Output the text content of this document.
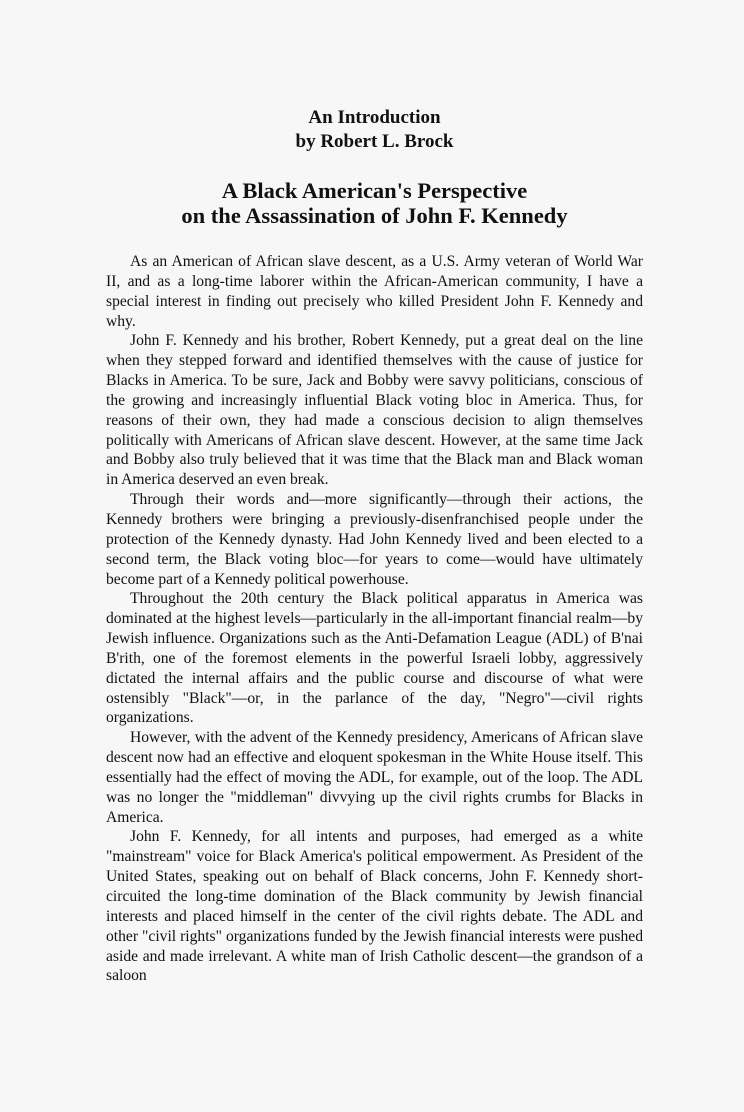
An Introduction
by Robert L. Brock
A Black American's Perspective
on the Assassination of John F. Kennedy

As an American of African slave descent, as a U.S. Army veteran of World War II, and as a long-time laborer within the African-American community, I have a special interest in finding out precisely who killed President John F. Kennedy and why.

John F. Kennedy and his brother, Robert Kennedy, put a great deal on the line when they stepped forward and identified themselves with the cause of justice for Blacks in America. To be sure, Jack and Bobby were savvy politicians, conscious of the growing and increasingly influential Black voting bloc in America. Thus, for reasons of their own, they had made a conscious decision to align themselves politically with Americans of African slave descent. However, at the same time Jack and Bobby also truly believed that it was time that the Black man and Black woman in America deserved an even break.

Through their words and—more significantly—through their actions, the Kennedy brothers were bringing a previously-disenfranchised people under the protection of the Kennedy dynasty. Had John Kennedy lived and been elected to a second term, the Black voting bloc—for years to come—would have ultimately become part of a Kennedy political powerhouse.

Throughout the 20th century the Black political apparatus in America was dominated at the highest levels—particularly in the all-important financial realm—by Jewish influence. Organizations such as the Anti-Defamation League (ADL) of B'nai B'rith, one of the foremost elements in the powerful Israeli lobby, aggressively dictated the internal affairs and the public course and discourse of what were ostensibly "Black"—or, in the parlance of the day, "Negro"—civil rights organizations.

However, with the advent of the Kennedy presidency, Americans of African slave descent now had an effective and eloquent spokesman in the White House itself. This essentially had the effect of moving the ADL, for example, out of the loop. The ADL was no longer the "middleman" divvying up the civil rights crumbs for Blacks in America.

John F. Kennedy, for all intents and purposes, had emerged as a white "mainstream" voice for Black America's political empowerment. As President of the United States, speaking out on behalf of Black concerns, John F. Kennedy short-circuited the long-time domination of the Black community by Jewish financial interests and placed himself in the center of the civil rights debate. The ADL and other "civil rights" organizations funded by the Jewish financial interests were pushed aside and made irrelevant. A white man of Irish Catholic descent—the grandson of a saloon
